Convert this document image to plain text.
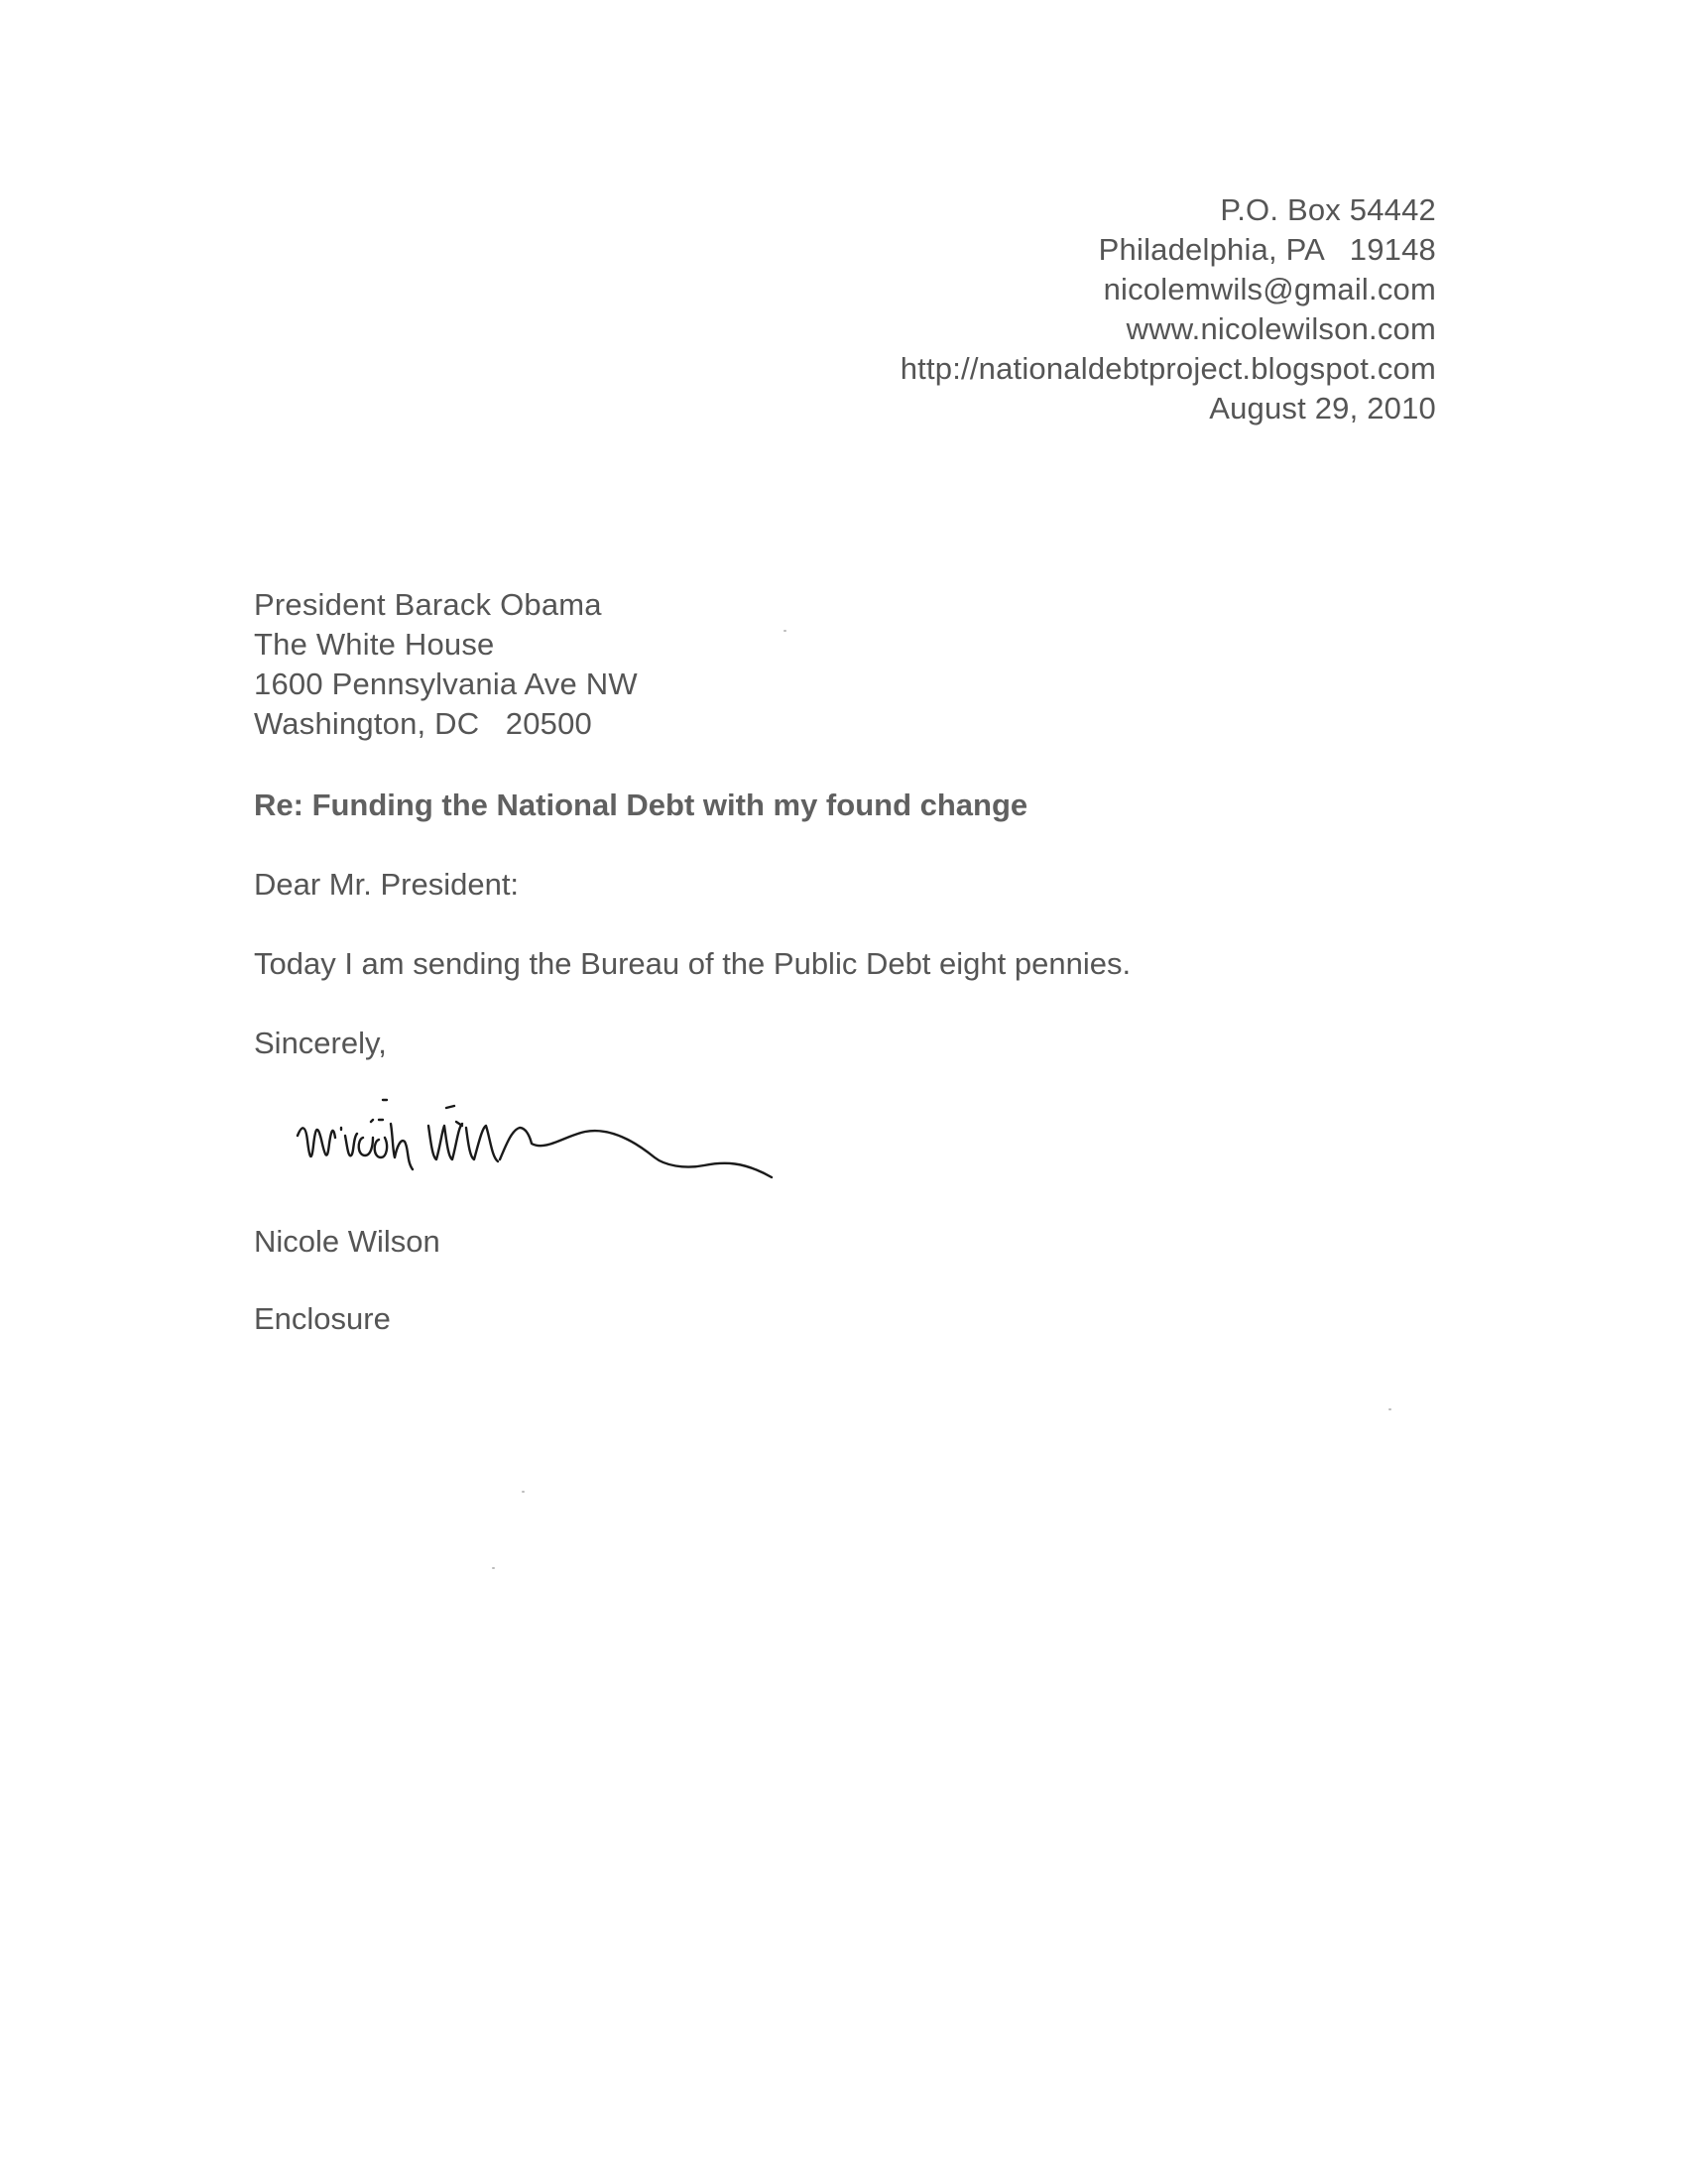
P.O. Box 54442
Philadelphia, PA   19148
nicolemwils@gmail.com
www.nicolewilson.com
http://nationaldebtproject.blogspot.com
August 29, 2010
President Barack Obama
The White House
1600 Pennsylvania Ave NW
Washington, DC   20500
Re: Funding the National Debt with my found change
Dear Mr. President:
Today I am sending the Bureau of the Public Debt eight pennies.
Sincerely,
Nicole Wilson
Enclosure
